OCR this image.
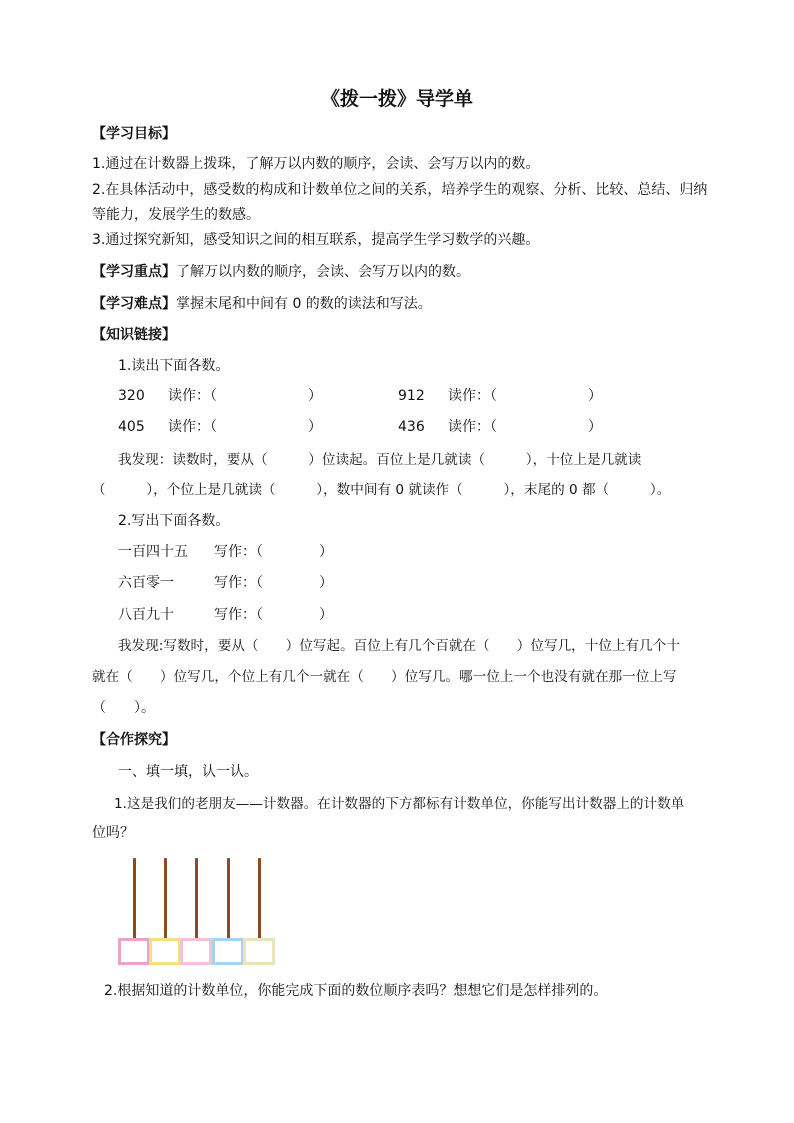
《拨一拨》导学单
【学习目标】
1.通过在计数器上拨珠，了解万以内数的顺序，会读、会写万以内的数。
2.在具体活动中，感受数的构成和计数单位之间的关系，培养学生的观察、分析、比较、总结、归纳
等能力，发展学生的数感。
3.通过探究新知，感受知识之间的相互联系，提高学生学习数学的兴趣。
【学习重点】了解万以内数的顺序，会读、会写万以内的数。
【学习难点】掌握末尾和中间有 0 的数的读法和写法。
【知识链接】
1.读出下面各数。
320 读作：（	）	912 读作：（	）
405 读作：（	）	436 读作：（	）
我发现：读数时，要从（　　　）位读起。百位上是几就读（　　　），十位上是几就读
（　　　），个位上是几就读（　　　），数中间有 0 就读作（　　　），末尾的 0 都（　　　）。
2.写出下面各数。
一百四十五 写作：（　　　　）
六百零一	写作：（　　　　）
八百九十	写作：（　　　　）
我发现:写数时，要从（　　）位写起。百位上有几个百就在（　　）位写几，十位上有几个十
就在（　　）位写几，个位上有几个一就在（　　）位写几。哪一位上一个也没有就在那一位上写
（　　）。
【合作探究】
一、填一填，认一认。
1.这是我们的老朋友——计数器。在计数器的下方都标有计数单位，你能写出计数器上的计数单
位吗？
2.根据知道的计数单位，你能完成下面的数位顺序表吗？想想它们是怎样排列的。
